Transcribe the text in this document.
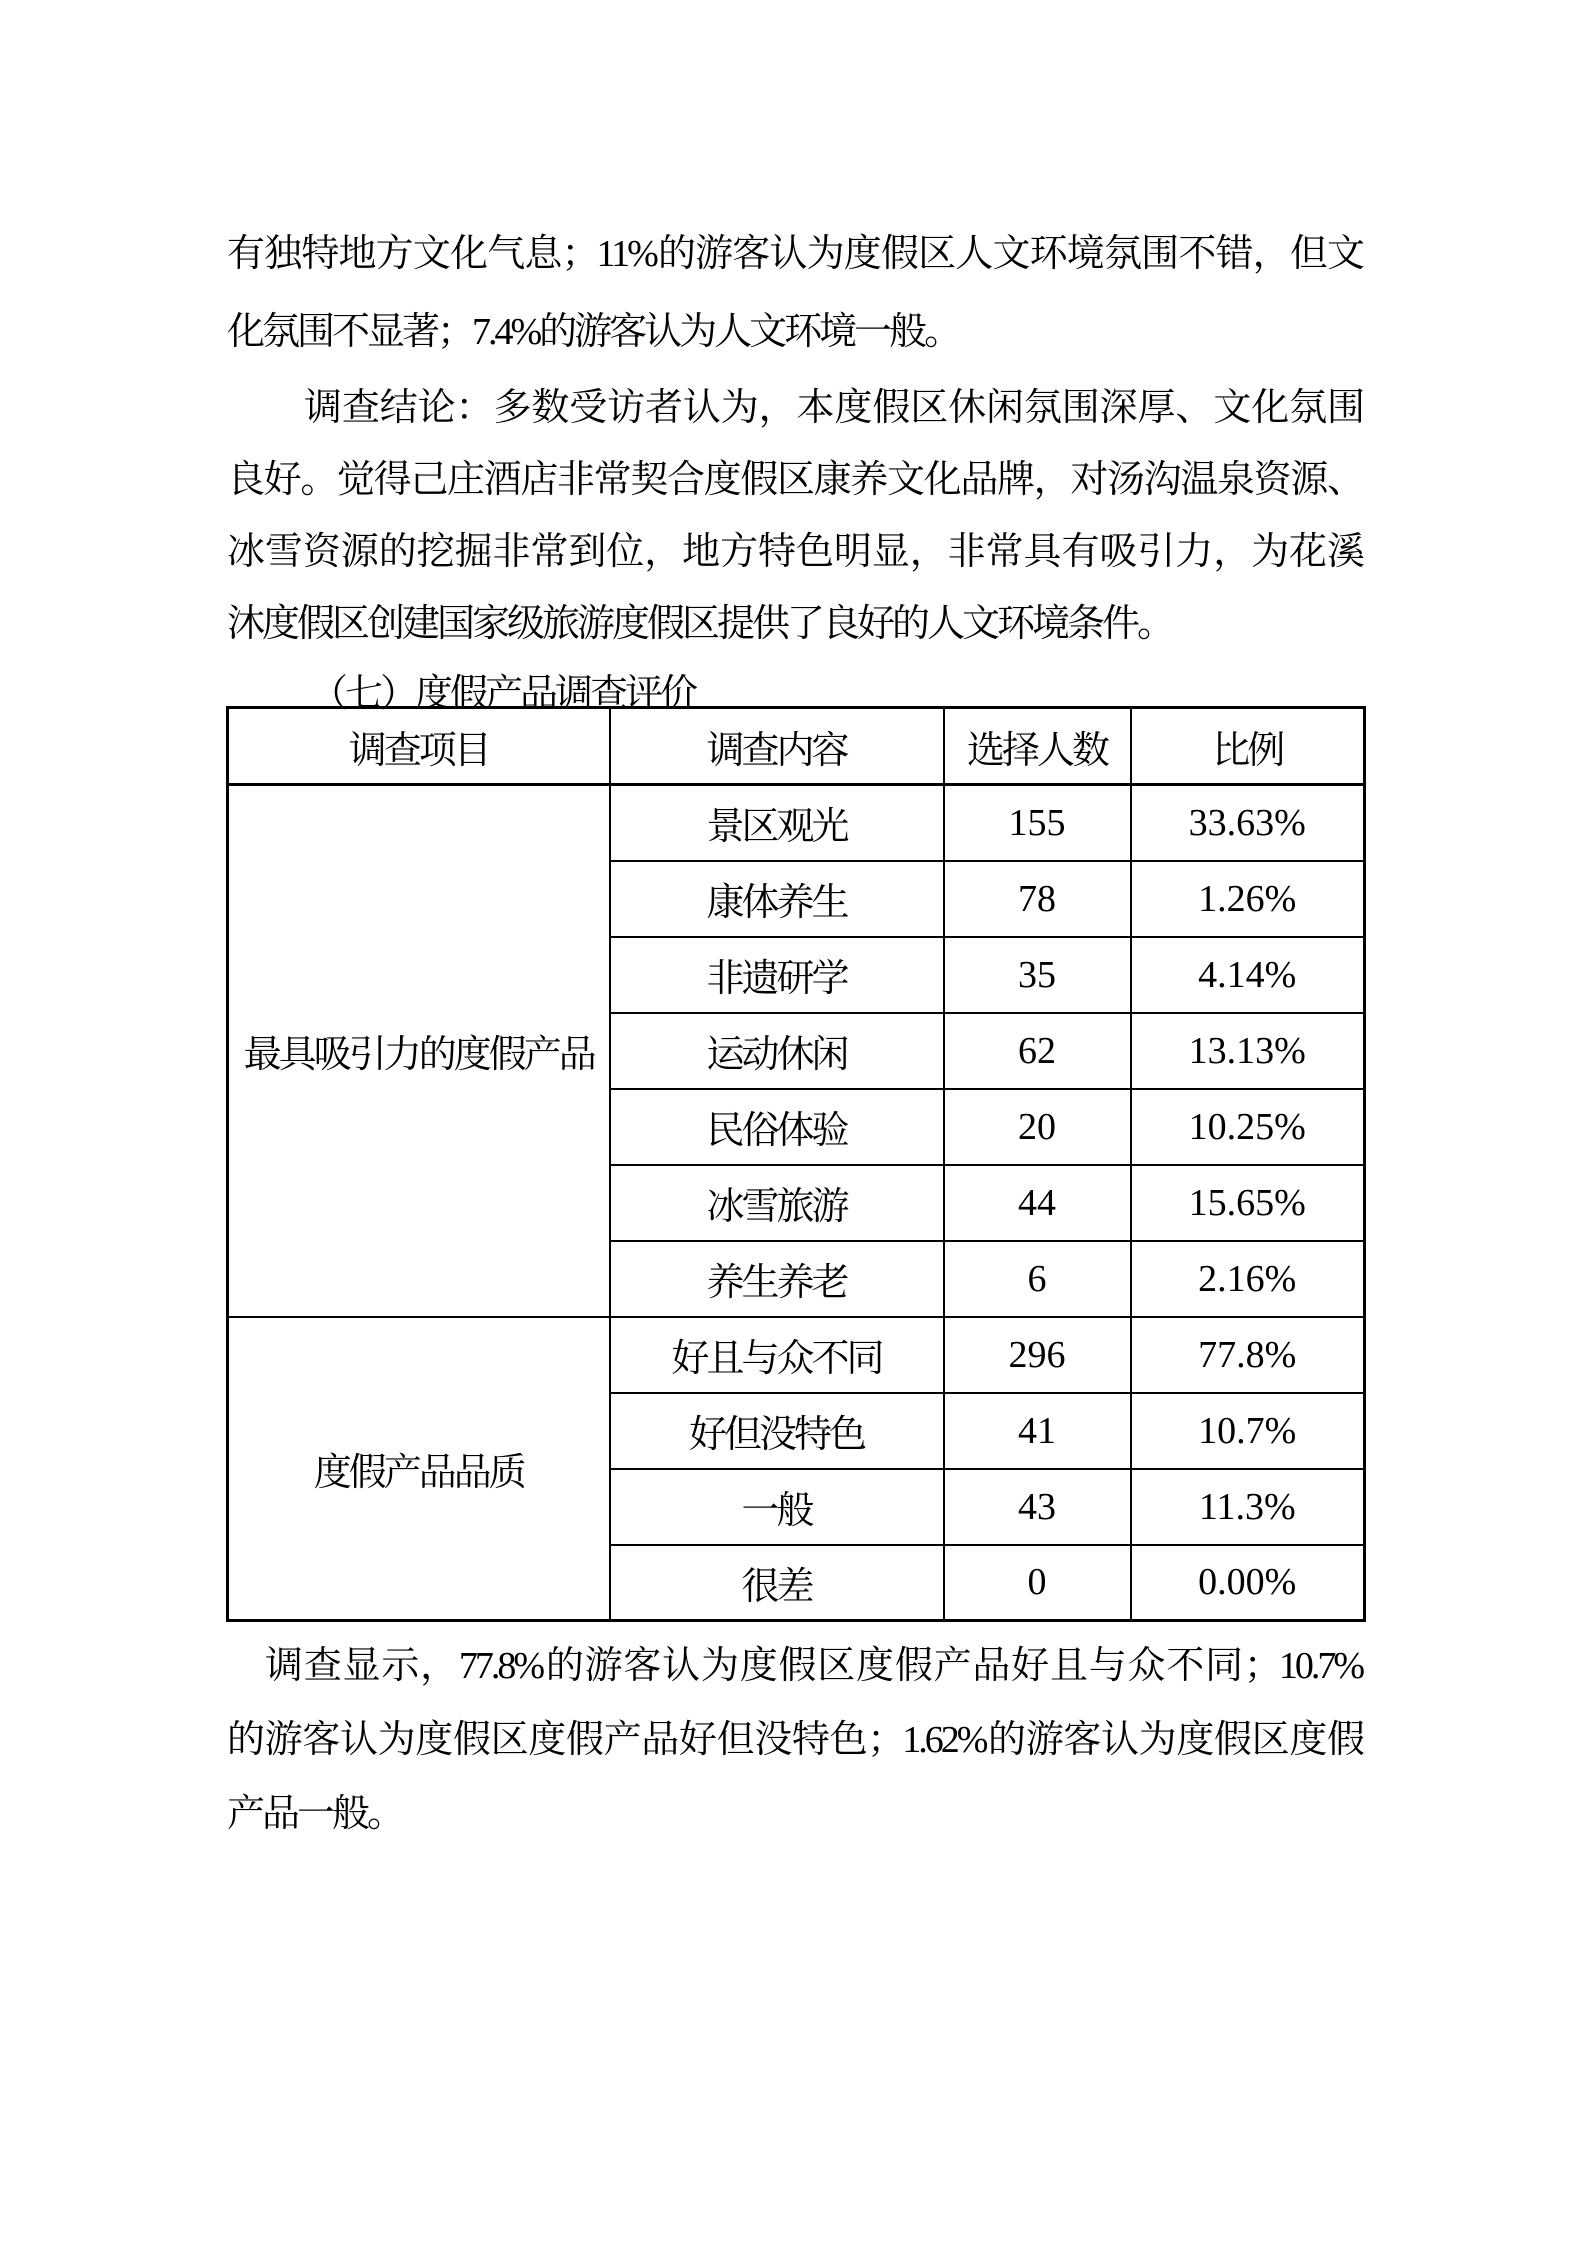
有独特地方文化气息；11%的游客认为度假区人文环境氛围不错，但文
化氛围不显著；7.4%的游客认为人文环境一般。
调查结论：多数受访者认为，本度假区休闲氛围深厚、文化氛围
良好。觉得己庄酒店非常契合度假区康养文化品牌，对汤沟温泉资源、
冰雪资源的挖掘非常到位，地方特色明显，非常具有吸引力，为花溪
沐度假区创建国家级旅游度假区提供了良好的人文环境条件。
（七）度假产品调查评价
调查项目	调查内容	选择人数	比例
最具吸引力的度假产品	景区观光	155	33.63%
	康体养生	78	1.26%
	非遗研学	35	4.14%
	运动休闲	62	13.13%
	民俗体验	20	10.25%
	冰雪旅游	44	15.65%
	养生养老	6	2.16%
度假产品品质	好且与众不同	296	77.8%
	好但没特色	41	10.7%
	一般	43	11.3%
	很差	0	0.00%
调查显示，77.8%的游客认为度假区度假产品好且与众不同；10.7%
的游客认为度假区度假产品好但没特色；1.62%的游客认为度假区度假
产品一般。
